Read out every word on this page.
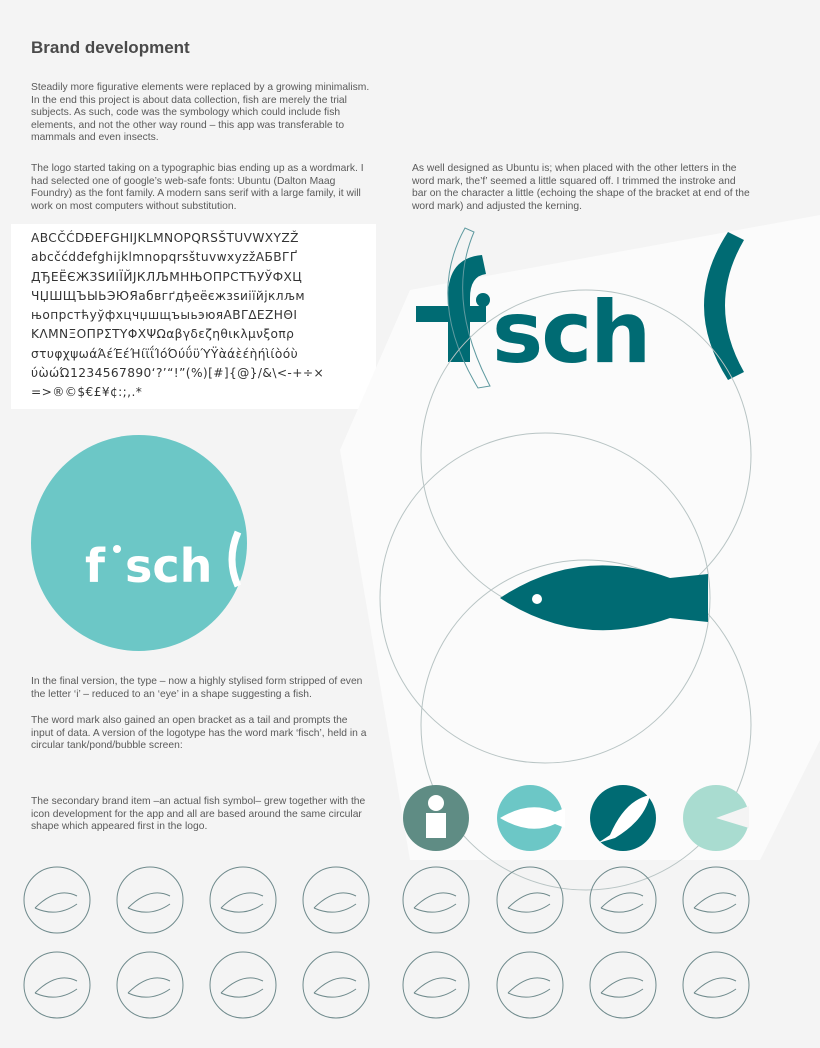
Brand development

Steadily more figurative elements were replaced by a growing minimalism. In the end this project is about data collection, fish are merely the trial subjects. As such, code was the symbology which could include fish elements, and not the other way round – this app was transferable to mammals and even insects.

The logo started taking on a typographic bias ending up as a wordmark. I had selected one of google’s web-safe fonts: Ubuntu (Dalton Maag Foundry) as the font family. A modern sans serif with a large family, it will work on most computers without substitution.

As well designed as Ubuntu is; when placed with the other letters in the word mark, the’f’ seemed a little squared off. I trimmed the instroke and bar on the character a little (echoing the shape of the bracket at end of the word mark) and adjusted the kerning.

ABCČĆDĐEFGHIJKLMNOPQRSŠTUVWXYZŽ
abcčćdđefghijklmnopqrsštuvwxyzžАБВГҐ
ДЂЕЁЄЖЗЅИІЇЙЈКЛЉМНЊОПРСТЋУЎФХЦ
ЧЏШЩЪЫЬЭЮЯабвгґдђеёєжзѕиіїйјклљм
њопрстћуўфхцчџшщъыьэюяΑΒΓΔΕΖΗΘΙ
ΚΛΜΝΞΟΠΡΣΤΥΦΧΨΩαβγδεζηθικλμνξοπρ
στυφχψωάΆέΈέΉίϊΐΊόΌύΰϋΎΫὰάὲέὴήὶίὸόὺ
ύὼώΏ1234567890‘?’“!”(%)[#]{@}/&\<-+÷×
=>®©$€£¥¢:;,.*
sch
f sch

In the final version, the type – now a highly stylised form stripped of even the letter ‘i’ – reduced to an ‘eye’ in a shape suggesting a fish.

The word mark also gained an open bracket as a tail and prompts the input of data. A version of the logotype has the word mark ‘fisch’, held in a circular tank/pond/bubble screen:

The secondary brand item –an actual fish symbol– grew together with the icon development for the app and all are based around the same circular shape which appeared first in the logo.
